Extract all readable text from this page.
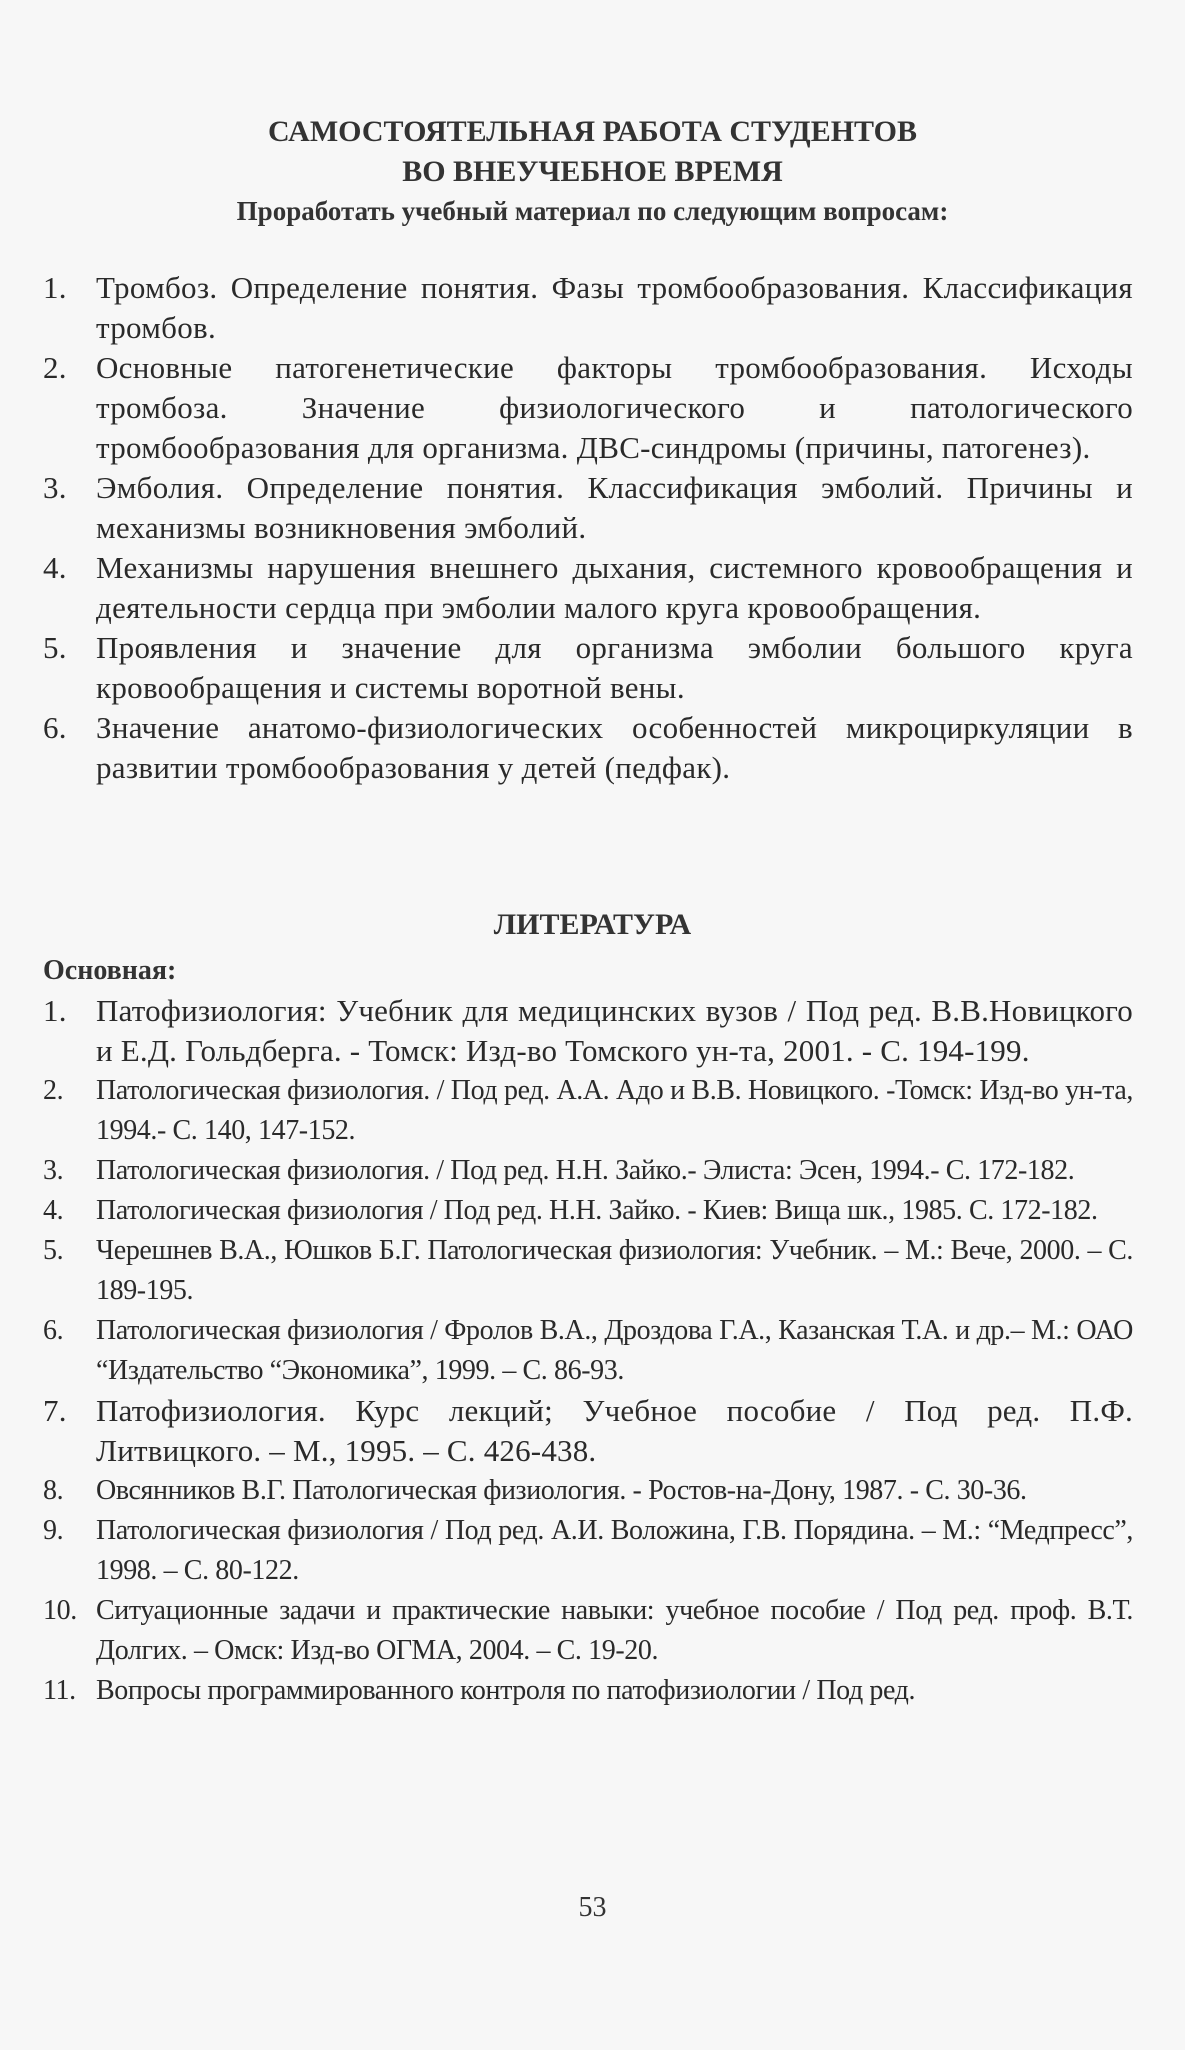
САМОСТОЯТЕЛЬНАЯ РАБОТА СТУДЕНТОВ
ВО ВНЕУЧЕБНОЕ ВРЕМЯ
Проработать учебный материал по следующим вопросам:
1. Тромбоз. Определение понятия. Фазы тромбообразования. Классификация тромбов.
2. Основные патогенетические факторы тромбообразования. Исходы тромбоза. Значение физиологического и патологического тромбообразования для организма. ДВС-синдромы (причины, патогенез).
3. Эмболия. Определение понятия. Классификация эмболий. Причины и механизмы возникновения эмболий.
4. Механизмы нарушения внешнего дыхания, системного кровообращения и деятельности сердца при эмболии малого круга кровообращения.
5. Проявления и значение для организма эмболии большого круга кровообращения и системы воротной вены.
6. Значение анатомо-физиологических особенностей микроциркуляции в развитии тромбообразования у детей (педфак).
ЛИТЕРАТУРА
Основная:
1. Патофизиология: Учебник для медицинских вузов / Под ред. В.В.Новицкого и Е.Д. Гольдберга. - Томск: Изд-во Томского ун-та, 2001. - С. 194-199.
2. Патологическая физиология. / Под ред. А.А. Адо и В.В. Новицкого. -Томск: Изд-во ун-та, 1994.- С. 140, 147-152.
3. Патологическая физиология. / Под ред. Н.Н. Зайко.- Элиста: Эсен, 1994.- С. 172-182.
4. Патологическая физиология / Под ред. Н.Н. Зайко. - Киев: Вища шк., 1985. С. 172-182.
5. Черешнев В.А., Юшков Б.Г. Патологическая физиология: Учебник. – М.: Вече, 2000. – С. 189-195.
6. Патологическая физиология / Фролов В.А., Дроздова Г.А., Казанская Т.А. и др.– М.: ОАО “Издательство “Экономика”, 1999. – С. 86-93.
7. Патофизиология. Курс лекций; Учебное пособие / Под ред. П.Ф. Литвицкого. – М., 1995. – С. 426-438.
8. Овсянников В.Г. Патологическая физиология. - Ростов-на-Дону, 1987. - С. 30-36.
9. Патологическая физиология / Под ред. А.И. Воложина, Г.В. Порядина. – М.: “Медпресс”, 1998. – С. 80-122.
10. Ситуационные задачи и практические навыки: учебное пособие / Под ред. проф. В.Т. Долгих. – Омск: Изд-во ОГМА, 2004. – С. 19-20.
11. Вопросы программированного контроля по патофизиологии / Под ред.
53
